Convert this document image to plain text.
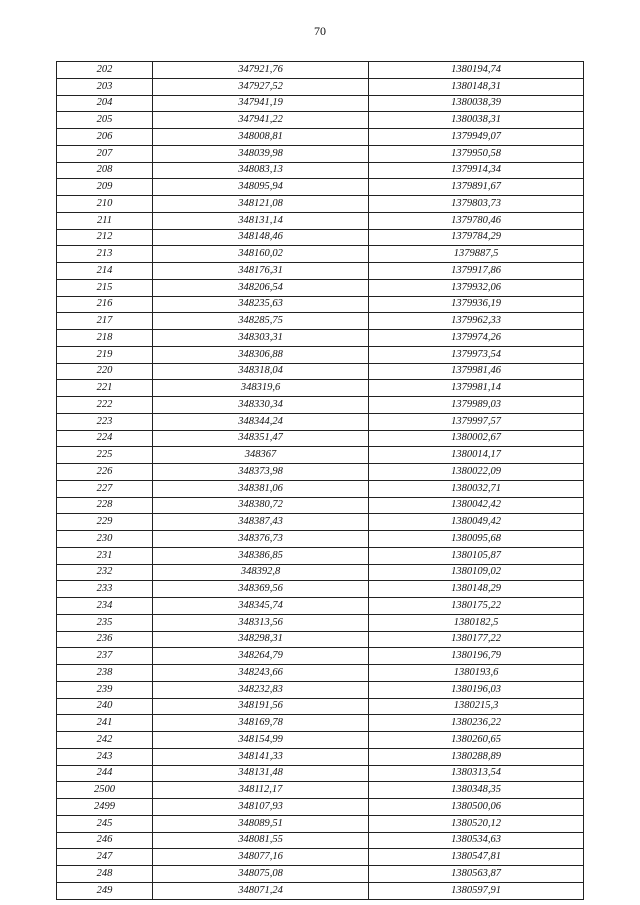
70
202	347921,76	1380194,74
203	347927,52	1380148,31
204	347941,19	1380038,39
205	347941,22	1380038,31
206	348008,81	1379949,07
207	348039,98	1379950,58
208	348083,13	1379914,34
209	348095,94	1379891,67
210	348121,08	1379803,73
211	348131,14	1379780,46
212	348148,46	1379784,29
213	348160,02	1379887,5
214	348176,31	1379917,86
215	348206,54	1379932,06
216	348235,63	1379936,19
217	348285,75	1379962,33
218	348303,31	1379974,26
219	348306,88	1379973,54
220	348318,04	1379981,46
221	348319,6	1379981,14
222	348330,34	1379989,03
223	348344,24	1379997,57
224	348351,47	1380002,67
225	348367	1380014,17
226	348373,98	1380022,09
227	348381,06	1380032,71
228	348380,72	1380042,42
229	348387,43	1380049,42
230	348376,73	1380095,68
231	348386,85	1380105,87
232	348392,8	1380109,02
233	348369,56	1380148,29
234	348345,74	1380175,22
235	348313,56	1380182,5
236	348298,31	1380177,22
237	348264,79	1380196,79
238	348243,66	1380193,6
239	348232,83	1380196,03
240	348191,56	1380215,3
241	348169,78	1380236,22
242	348154,99	1380260,65
243	348141,33	1380288,89
244	348131,48	1380313,54
2500	348112,17	1380348,35
2499	348107,93	1380500,06
245	348089,51	1380520,12
246	348081,55	1380534,63
247	348077,16	1380547,81
248	348075,08	1380563,87
249	348071,24	1380597,91
